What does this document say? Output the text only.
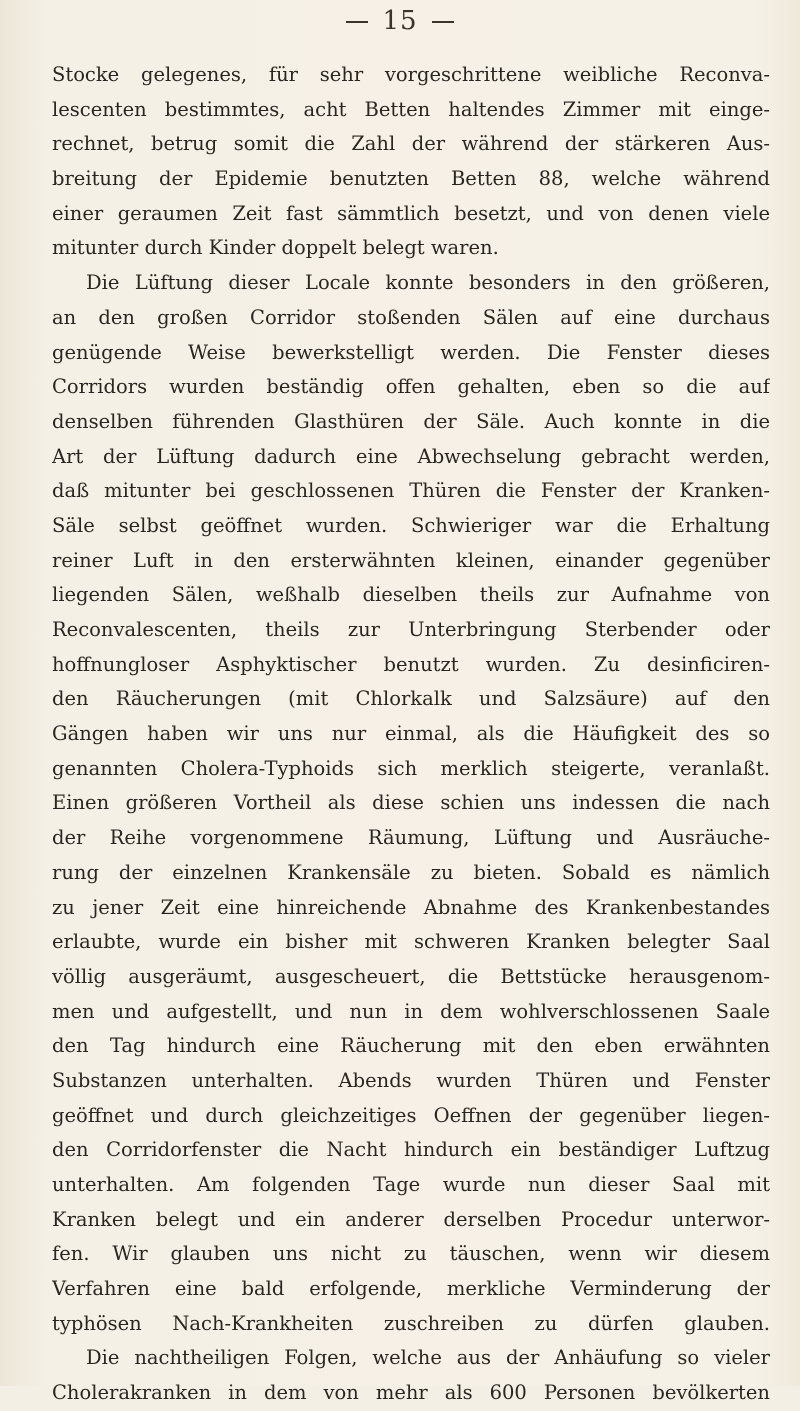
15
Stocke gelegenes, für sehr vorgeschrittene weibliche Reconva-
lescenten bestimmtes, acht Betten haltendes Zimmer mit einge-
rechnet, betrug somit die Zahl der während der stärkeren Aus-
breitung der Epidemie benutzten Betten 88, welche während
einer geraumen Zeit fast sämmtlich besetzt, und von denen viele
mitunter durch Kinder doppelt belegt waren.
Die Lüftung dieser Locale konnte besonders in den größeren,
an den großen Corridor stoßenden Sälen auf eine durchaus
genügende Weise bewerkstelligt werden. Die Fenster dieses
Corridors wurden beständig offen gehalten, eben so die auf
denselben führenden Glasthüren der Säle. Auch konnte in die
Art der Lüftung dadurch eine Abwechselung gebracht werden,
daß mitunter bei geschlossenen Thüren die Fenster der Kranken-
Säle selbst geöffnet wurden. Schwieriger war die Erhaltung
reiner Luft in den ersterwähnten kleinen, einander gegenüber
liegenden Sälen, weßhalb dieselben theils zur Aufnahme von
Reconvalescenten, theils zur Unterbringung Sterbender oder
hoffnungloser Asphyktischer benutzt wurden. Zu desinficiren-
den Räucherungen (mit Chlorkalk und Salzsäure) auf den
Gängen haben wir uns nur einmal, als die Häufigkeit des so
genannten Cholera-Typhoids sich merklich steigerte, veranlaßt.
Einen größeren Vortheil als diese schien uns indessen die nach
der Reihe vorgenommene Räumung, Lüftung und Ausräuche-
rung der einzelnen Krankensäle zu bieten. Sobald es nämlich
zu jener Zeit eine hinreichende Abnahme des Krankenbestandes
erlaubte, wurde ein bisher mit schweren Kranken belegter Saal
völlig ausgeräumt, ausgescheuert, die Bettstücke herausgenom-
men und aufgestellt, und nun in dem wohlverschlossenen Saale
den Tag hindurch eine Räucherung mit den eben erwähnten
Substanzen unterhalten. Abends wurden Thüren und Fenster
geöffnet und durch gleichzeitiges Oeffnen der gegenüber liegen-
den Corridorfenster die Nacht hindurch ein beständiger Luftzug
unterhalten. Am folgenden Tage wurde nun dieser Saal mit
Kranken belegt und ein anderer derselben Procedur unterwor-
fen. Wir glauben uns nicht zu täuschen, wenn wir diesem
Verfahren eine bald erfolgende, merkliche Verminderung der
typhösen Nach-Krankheiten zuschreiben zu dürfen glauben.
Die nachtheiligen Folgen, welche aus der Anhäufung so vieler
Cholerakranken in dem von mehr als 600 Personen bevölkerten
